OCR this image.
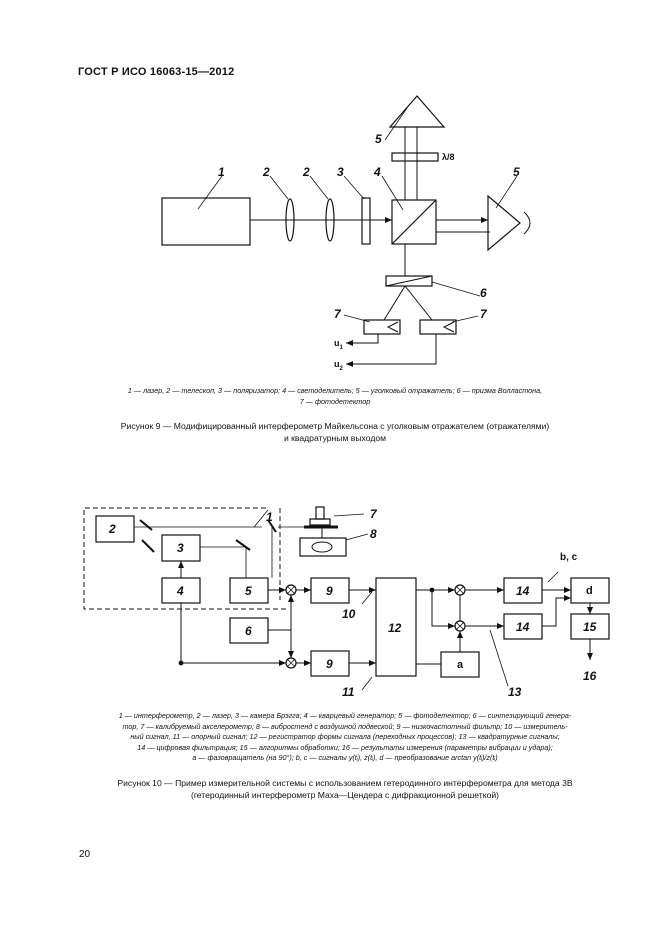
ГОСТ Р ИСО 16063-15—2012
1	2	2 3	4
5
5
6
7	7
λ/8
$u_1$
$u_2$
2
3
4	5
6
9
9
12
14
14
d
15
a
1	7
8
10
11	13
16
b, c
1 — лазер, 2 — телескоп, 3 — поляризатор; 4 — светоделитель; 5 — уголковый отражатель; 6 — призма Волластона,
7 — фотодетектор
Рисунок 9 — Модифицированный интерферометр Майкельсона с уголковым отражателем (отражателями)
и квадратурным выходом
1 — интерферометр, 2 — лазер, 3 — камера Брэгга; 4 — кварцевый генератор; 5 — фотодетектор; 6 — синтезирующий генера-
тор, 7 — калибруемый акселерометр; 8 — вибростенд с воздушной подвеской; 9 — низкочастотный фильтр; 10 — измеритель-
ный сигнал, 11 — опорный сигнал; 12 — регистратор формы сигнала (переходных процессов); 13 — квадратурные сигналы;
14 — цифровая фильтрация; 15 — алгоритмы обработки; 16 — результаты измерения (параметры вибрации и удара);
a — фазовращатель (на 90°); b, c — сигналы y(tᵢ), z(tᵢ), d — преобразование arctan y(tᵢ)/z(tᵢ)
Рисунок 10 — Пример измерительной системы с использованием гетеродинного интерферометра для метода 3В
(гетеродинный интерферометр Маха—Цендера с дифракционной решеткой)
20
